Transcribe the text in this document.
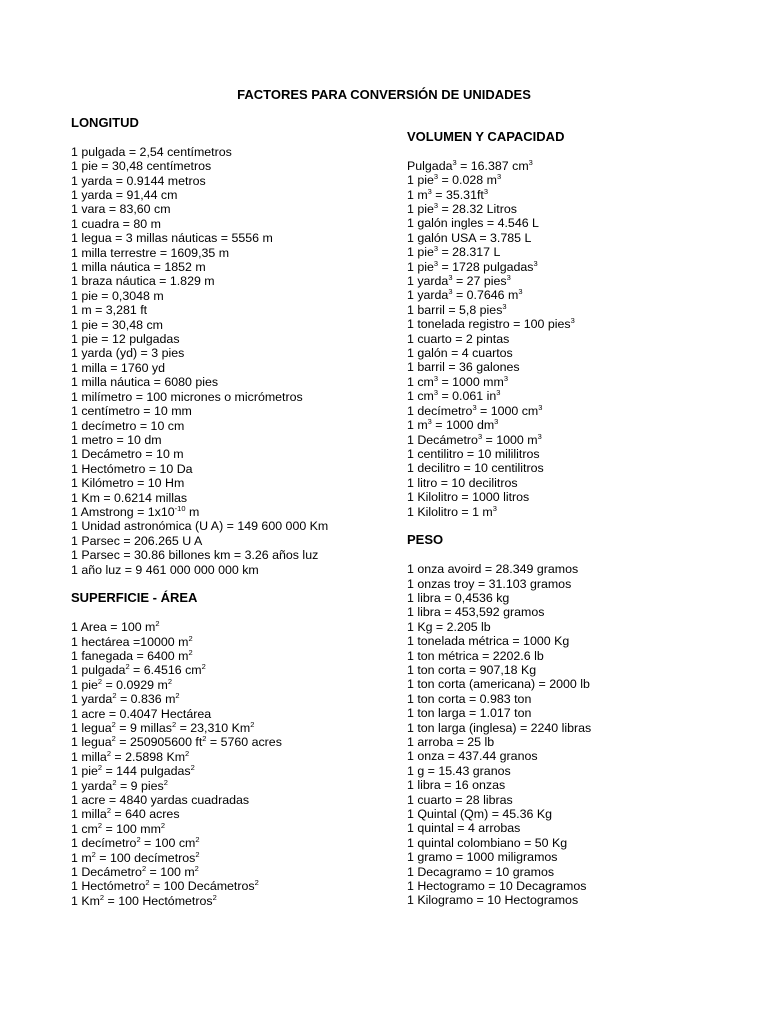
FACTORES PARA CONVERSIÓN DE UNIDADES
LONGITUD
1 pulgada = 2,54 centímetros
1 pie = 30,48 centímetros
1 yarda = 0.9144 metros
1 yarda = 91,44 cm
1 vara = 83,60 cm
1 cuadra = 80 m
1 legua = 3 millas náuticas = 5556 m
1 milla terrestre = 1609,35 m
1 milla náutica = 1852 m
1 braza náutica = 1.829 m
1 pie = 0,3048 m
1 m = 3,281 ft
1 pie = 30,48 cm
1 pie = 12 pulgadas
1 yarda (yd) = 3 pies
1 milla = 1760 yd
1 milla náutica = 6080 pies
1 milímetro = 100 micrones o micrómetros
1 centímetro = 10 mm
1 decímetro = 10 cm
1 metro = 10 dm
1 Decámetro = 10 m
1 Hectómetro = 10 Da
1 Kilómetro = 10 Hm
1 Km = 0.6214 millas
1 Amstrong = $1x10^{-10}$ m
1 Unidad astronómica (U A) = 149 600 000 Km
1 Parsec = 206.265 U A
1 Parsec = 30.86 billones km = 3.26 años luz
1 año luz = 9 461 000 000 000 km
SUPERFICIE - ÁREA
1 Area = 100 $m^2$
1 hectárea =10000 $m^2$
1 fanegada = 6400 $m^2$
1 pulgada$^2$ = 6.4516 $cm^2$
1 pie$^2$ = 0.0929 $m^2$
1 yarda$^2$ = 0.836 $m^2$
1 acre = 0.4047 Hectárea
1 legua$^2$ = 9 millas$^2$ = 23,310 Km$^2$
1 legua$^2$ = 250905600 $ft^2 = 5760$ acres
1 milla$^2$ = 2.5898 Km$^2$
1 pie$^2$ = 144 pulgadas$^2$
1 yarda$^2$ = 9 pies$^2$
1 acre = 4840 yardas cuadradas
1 milla$^2$ = 640 acres
1 $cm^2 = 100$ $mm^2$
1 decímetro$^2$ = 100 $cm^2$
1 $m^2 = 100$ decímetros$^2$
1 Decámetro$^2$ = 100 $m^2$
1 Hectómetro$^2$ = 100 Decámetros$^2$
1 $Km^2 = 100$ Hectómetros$^2$
VOLUMEN Y CAPACIDAD
Pulgada$^3$ = 16.387 $cm^3$
1 pie$^3$ = 0.028 $m^3$
1 $m^3 = 35.31ft^3$
1 pie$^3$ = 28.32 Litros
1 galón ingles = 4.546 L
1 galón USA = 3.785 L
1 pie$^3$ = 28.317 L
1 pie$^3$ = 1728 pulgadas$^3$
1 yarda$^3$ = 27 pies$^3$
1 yarda$^3$ = 0.7646 $m^3$
1 barril = 5,8 pies$^3$
1 tonelada registro = 100 pies$^3$
1 cuarto = 2 pintas
1 galón = 4 cuartos
1 barril = 36 galones
1 $cm^3 = 1000$ $mm^3$
1 $cm^3 = 0.061$ $in^3$
1 decímetro$^3$ = 1000 $cm^3$
1 $m^3 = 1000$ $dm^3$
1 Decámetro$^3$ = 1000 $m^3$
1 centilitro = 10 mililitros
1 decilitro = 10 centilitros
1 litro = 10 decilitros
1 Kilolitro = 1000 litros
1 Kilolitro = 1 $m^3$
PESO
1 onza avoird = 28.349 gramos
1 onzas troy = 31.103 gramos
1 libra = 0,4536 kg
1 libra = 453,592 gramos
1 Kg = 2.205 lb
1 tonelada métrica = 1000 Kg
1 ton métrica = 2202.6 lb
1 ton corta = 907,18 Kg
1 ton corta (americana) = 2000 lb
1 ton corta = 0.983 ton
1 ton larga = 1.017 ton
1 ton larga (inglesa) = 2240 libras
1 arroba = 25 lb
1 onza = 437.44 granos
1 g = 15.43 granos
1 libra = 16 onzas
1 cuarto = 28 libras
1 Quintal (Qm) = 45.36 Kg
1 quintal = 4 arrobas
1 quintal colombiano = 50 Kg
1 gramo = 1000 miligramos
1 Decagramo = 10 gramos
1 Hectogramo = 10 Decagramos
1 Kilogramo = 10 Hectogramos
